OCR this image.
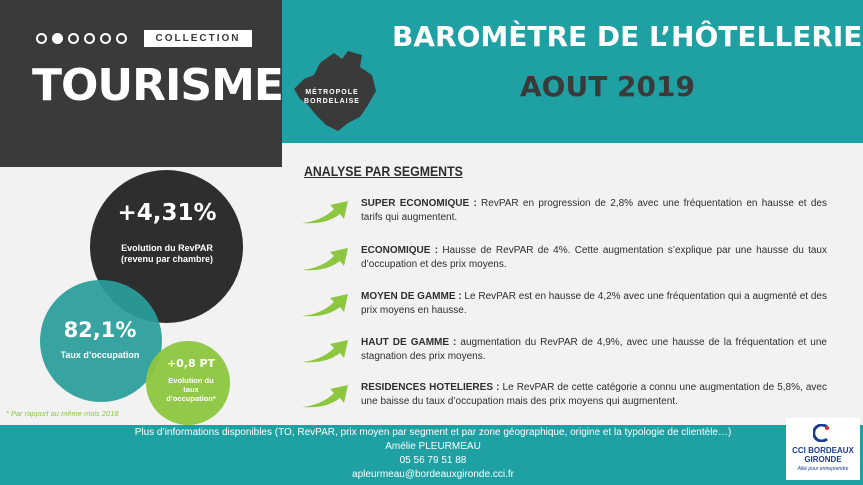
COLLECTION
TOURISME	MÉTROPOLE BORDELAISE
BAROMÈTRE DE L’HÔTELLERIE
AOUT 2019
+4,31%
Evolution du RevPAR (revenu par chambre)
82,1%
Taux d’occupation
+0,8 PT
Evolution du taux d’occupation*
* Par rapport au même mois 2018
ANALYSE PAR SEGMENTS
SUPER ECONOMIQUE : RevPAR en progression de 2,8% avec une fréquentation en hausse et des tarifs qui augmentent.
ECONOMIQUE : Hausse de RevPAR de 4%. Cette augmentation s’explique par une hausse du taux d’occupation et des prix moyens.
MOYEN DE GAMME : Le RevPAR est en hausse de 4,2% avec une fréquentation qui a augmenté et des prix moyens en hausse.
HAUT DE GAMME : augmentation du RevPAR de 4,9%, avec une hausse de la fréquentation et une stagnation des prix moyens.
RESIDENCES HOTELIERES : Le RevPAR de cette catégorie a connu une augmentation de 5,8%, avec une baisse du taux d’occupation mais des prix moyens qui augmentent.
Plus d’informations disponibles (TO, RevPAR, prix moyen par segment et par zone géographique, origine et la typologie de clientèle…)
Amélie PLEURMEAU
05 56 79 51 88
apleurmeau@bordeauxgironde.cci.fr
CCI BORDEAUX
GIRONDE
Allié pour entreprendre
